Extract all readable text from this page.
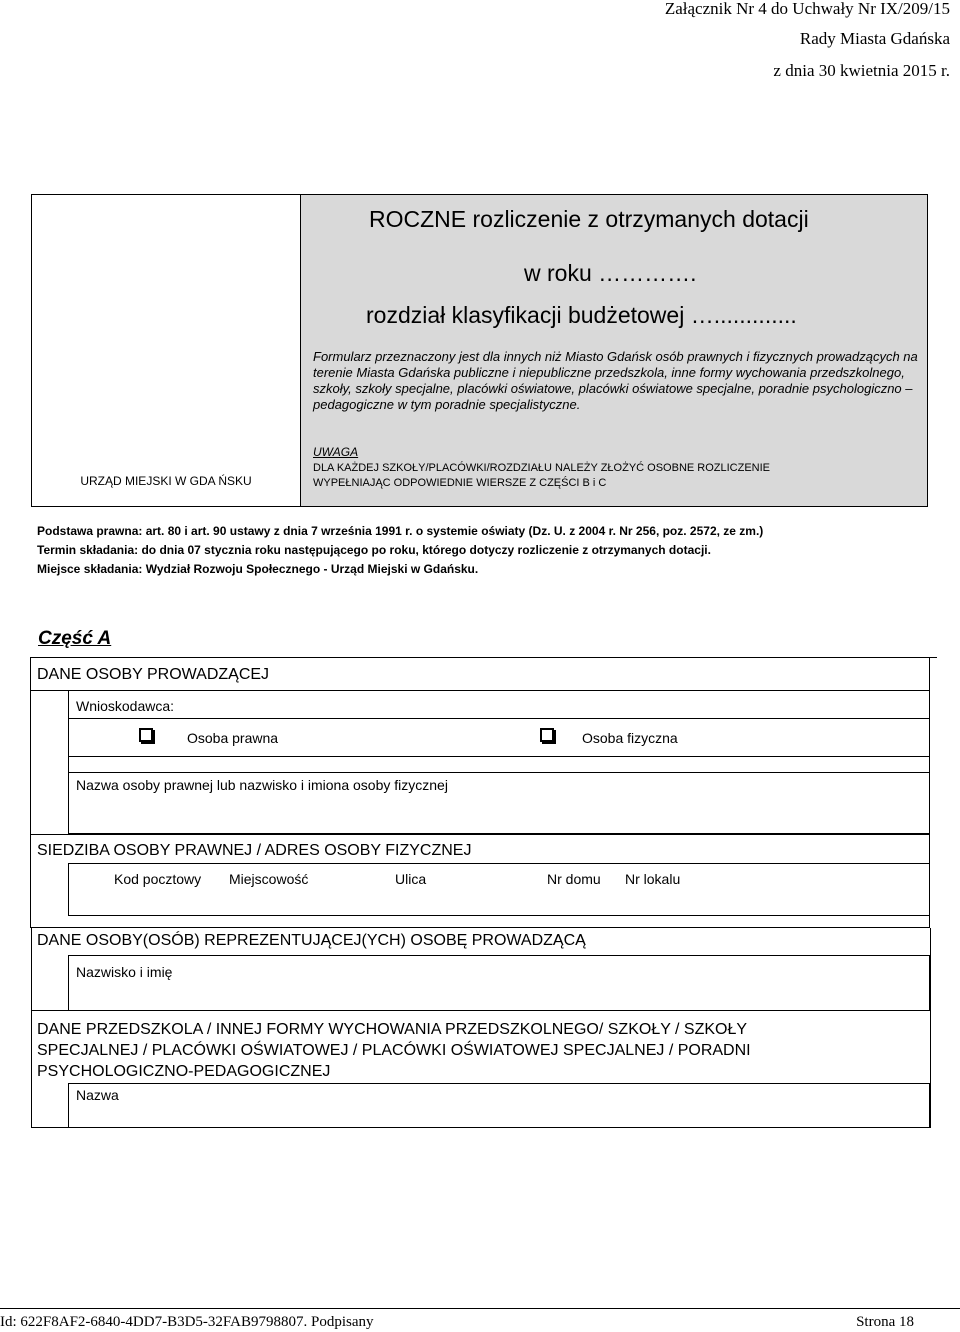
Załącznik Nr 4 do Uchwały Nr IX/209/15
Rady Miasta Gdańska
z dnia 30 kwietnia 2015 r.
URZĄD MIEJSKI W GDA ŃSKU
ROCZNE rozliczenie z otrzymanych dotacji
w roku ………….
rozdział klasyfikacji budżetowej ….............
Formularz przeznaczony jest dla innych niż Miasto Gdańsk osób prawnych i fizycznych prowadzących na terenie Miasta Gdańska publiczne i niepubliczne przedszkola, inne formy wychowania przedszkolnego, szkoły, szkoły specjalne, placówki oświatowe, placówki oświatowe specjalne, poradnie psychologiczno –pedagogiczne w tym poradnie specjalistyczne.
UWAGA
DLA KAŻDEJ SZKOŁY/PLACÓWKI/ROZDZIAŁU NALEŻY ZŁOŻYĆ OSOBNE ROZLICZENIE
WYPEŁNIAJĄC ODPOWIEDNIE WIERSZE Z CZĘŚCI B i C
Podstawa prawna: art. 80 i art. 90 ustawy z dnia 7 września 1991 r. o systemie oświaty (Dz. U. z 2004 r. Nr 256, poz. 2572, ze zm.)
Termin składania: do dnia 07 stycznia roku następującego po roku, którego dotyczy rozliczenie z otrzymanych dotacji.
Miejsce składania: Wydział Rozwoju Społecznego - Urząd Miejski w Gdańsku.
Część A
DANE OSOBY PROWADZĄCEJ
Wnioskodawca:
Osoba prawna	Osoba fizyczna
Nazwa osoby prawnej lub nazwisko i imiona osoby fizycznej
SIEDZIBA OSOBY PRAWNEJ / ADRES OSOBY FIZYCZNEJ
Kod pocztowy Miejscowość	Ulica	Nr domu Nr lokalu
DANE OSOBY(OSÓB) REPREZENTUJĄCEJ(YCH) OSOBĘ PROWADZĄCĄ
Nazwisko i imię
DANE PRZEDSZKOLA / INNEJ FORMY WYCHOWANIA PRZEDSZKOLNEGO/ SZKOŁY / SZKOŁY
SPECJALNEJ / PLACÓWKI OŚWIATOWEJ / PLACÓWKI OŚWIATOWEJ SPECJALNEJ / PORADNI
PSYCHOLOGICZNO-PEDAGOGICZNEJ
Nazwa
Id: 622F8AF2-6840-4DD7-B3D5-32FAB9798807. Podpisany	Strona 18
